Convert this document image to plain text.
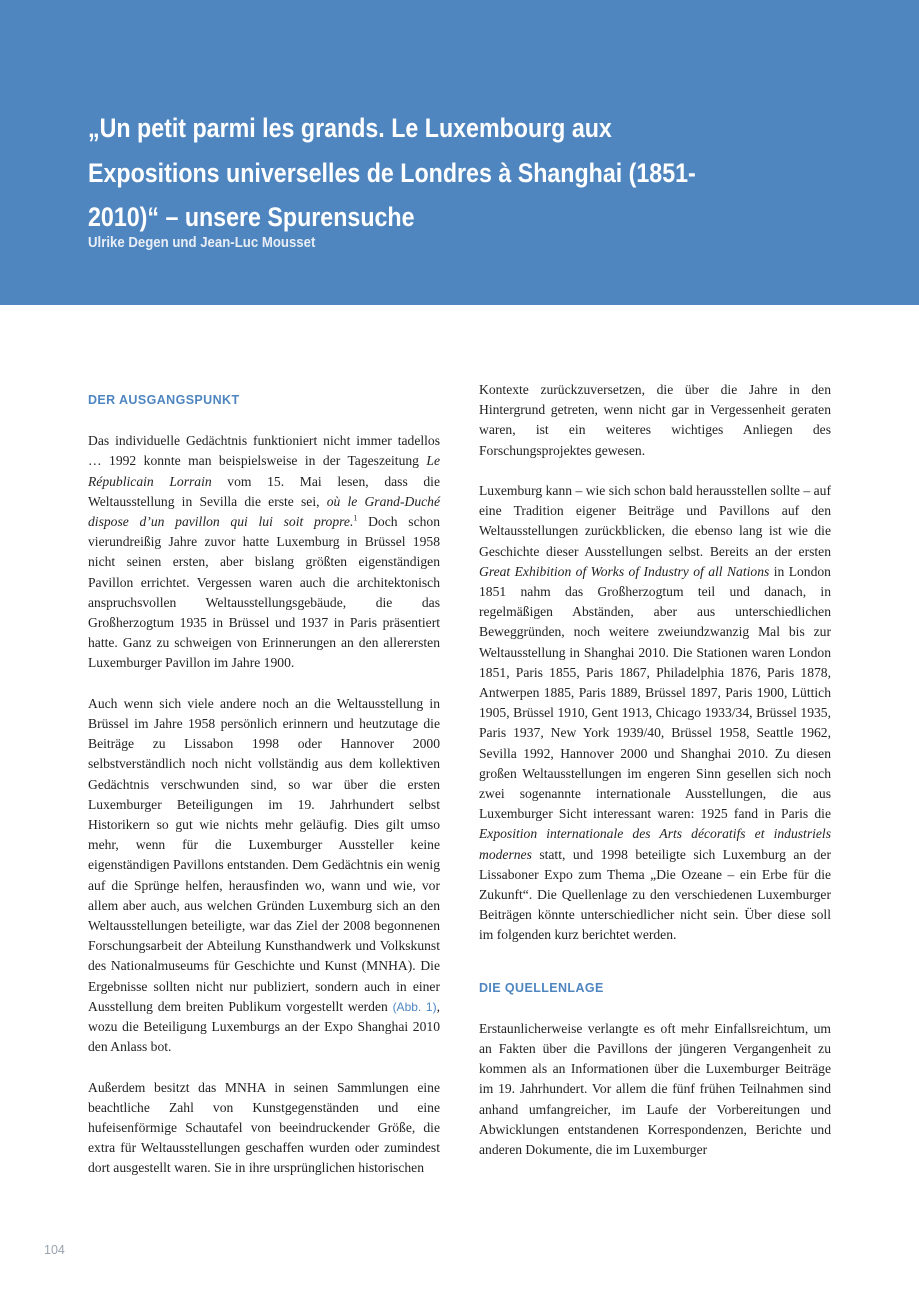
„Un petit parmi les grands. Le Luxembourg aux Expositions universelles de Londres à Shanghai (1851-2010)“ – unsere Spurensuche
Ulrike Degen und Jean-Luc Mousset
DER AUSGANGSPUNKT

Das individuelle Gedächtnis funktioniert nicht immer tadellos … 1992 konnte man beispielsweise in der Tageszeitung Le Républicain Lorrain vom 15. Mai lesen, dass die Weltausstellung in Sevilla die erste sei, où le Grand-Duché dispose d’un pavillon qui lui soit propre.$^1$ Doch schon vierundreißig Jahre zuvor hatte Luxemburg in Brüssel 1958 nicht seinen ersten, aber bislang größten eigenständigen Pavillon errichtet. Vergessen waren auch die architektonisch anspruchsvollen Weltausstellungsgebäude, die das Großherzogtum 1935 in Brüssel und 1937 in Paris präsentiert hatte. Ganz zu schweigen von Erinnerungen an den allerersten Luxemburger Pavillon im Jahre 1900.

Auch wenn sich viele andere noch an die Weltausstellung in Brüssel im Jahre 1958 persönlich erinnern und heutzutage die Beiträge zu Lissabon 1998 oder Hannover 2000 selbstverständlich noch nicht vollständig aus dem kollektiven Gedächtnis verschwunden sind, so war über die ersten Luxemburger Beteiligungen im 19. Jahrhundert selbst Historikern so gut wie nichts mehr geläufig. Dies gilt umso mehr, wenn für die Luxemburger Aussteller keine eigenständigen Pavillons entstanden. Dem Gedächtnis ein wenig auf die Sprünge helfen, herausfinden wo, wann und wie, vor allem aber auch, aus welchen Gründen Luxemburg sich an den Weltausstellungen beteiligte, war das Ziel der 2008 begonnenen Forschungsarbeit der Abteilung Kunsthandwerk und Volkskunst des Nationalmuseums für Geschichte und Kunst (MNHA). Die Ergebnisse sollten nicht nur publiziert, sondern auch in einer Ausstellung dem breiten Publikum vorgestellt werden (Abb. 1), wozu die Beteiligung Luxemburgs an der Expo Shanghai 2010 den Anlass bot.

Außerdem besitzt das MNHA in seinen Sammlungen eine beachtliche Zahl von Kunstgegenständen und eine hufeisenförmige Schautafel von beeindruckender Größe, die extra für Weltausstellungen geschaffen wurden oder zumindest dort ausgestellt waren. Sie in ihre ursprünglichen historischen

Kontexte zurückzuversetzen, die über die Jahre in den Hintergrund getreten, wenn nicht gar in Vergessenheit geraten waren, ist ein weiteres wichtiges Anliegen des Forschungsprojektes gewesen.

Luxemburg kann – wie sich schon bald herausstellen sollte – auf eine Tradition eigener Beiträge und Pavillons auf den Weltausstellungen zurückblicken, die ebenso lang ist wie die Geschichte dieser Ausstellungen selbst. Bereits an der ersten Great Exhibition of Works of Industry of all Nations in London 1851 nahm das Großherzogtum teil und danach, in regelmäßigen Abständen, aber aus unterschiedlichen Beweggründen, noch weitere zweiundzwanzig Mal bis zur Weltausstellung in Shanghai 2010. Die Stationen waren London 1851, Paris 1855, Paris 1867, Philadelphia 1876, Paris 1878, Antwerpen 1885, Paris 1889, Brüssel 1897, Paris 1900, Lüttich 1905, Brüssel 1910, Gent 1913, Chicago 1933/34, Brüssel 1935, Paris 1937, New York 1939/40, Brüssel 1958, Seattle 1962, Sevilla 1992, Hannover 2000 und Shanghai 2010. Zu diesen großen Weltausstellungen im engeren Sinn gesellen sich noch zwei sogenannte internationale Ausstellungen, die aus Luxemburger Sicht interessant waren: 1925 fand in Paris die Exposition internationale des Arts décoratifs et industriels modernes statt, und 1998 beteiligte sich Luxemburg an der Lissaboner Expo zum Thema „Die Ozeane – ein Erbe für die Zukunft“. Die Quellenlage zu den verschiedenen Luxemburger Beiträgen könnte unterschiedlicher nicht sein. Über diese soll im folgenden kurz berichtet werden.

DIE QUELLENLAGE

Erstaunlicherweise verlangte es oft mehr Einfallsreichtum, um an Fakten über die Pavillons der jüngeren Vergangenheit zu kommen als an Informationen über die Luxemburger Beiträge im 19. Jahrhundert. Vor allem die fünf frühen Teilnahmen sind anhand umfangreicher, im Laufe der Vorbereitungen und Abwicklungen entstandenen Korrespondenzen, Berichte und anderen Dokumente, die im Luxemburger

104
